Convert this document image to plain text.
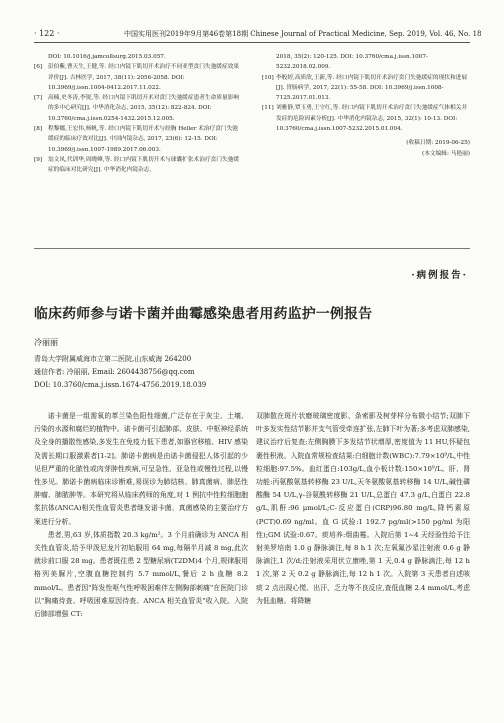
· 122 ·	中国实用医刊2019年9月第46卷第18期 Chinese Journal of Practical Medicine, Sep. 2019, Vol. 46, No. 18
DOI: 10.1016/j.jamcollsurg.2015.03.057.
[6]	彭伯紫,曹天生,王健,等. 经口内镜下肌切开术治疗不同亚型贲门失弛缓症效果评价[J]. 吉林医学, 2017, 38(11): 2056-2058. DOI: 10.3969/j.issn.1004-0412.2017.11.022.
[7]	高楠,史冬涛,李锐,等. 经口内镜下肌切开术对贲门失弛缓症患者生命质量影响的多中心研究[J]. 中华消化杂志, 2015, 35(12): 822-824. DOI: 10.3760/cma.j.issn.0254-1432.2015.12.005.
[8]	程黎娜,王宏伟,杨帆,等. 经口内镜下肌切开术与经胸 Heller 术治疗贲门失弛缓症的临床疗效对比[J]. 中国内镜杂志, 2017, 23(6): 12-15. DOI: 10.3969/j.issn.1007-1989.2017.06.003.
[9]	翁文凤,代训华,周晓峰,等. 经口内镜下肌切开术与球囊扩张术治疗贲门失弛缓症的临床对比研究[J]. 中华消化内镜杂志,
2018, 35(2): 120-125. DOI: 10.3760/cma.j.issn.1007-5232.2018.02.009.
[10] 李般婷,高质欣,王新,等. 经口内镜下肌切开术治疗贲门失弛缓症的现状和进展[J]. 胃肠病学, 2017, 22(1): 55-58. DOI: 10.3969/j.issn.1008-7125.2017.01.013.
[11] 刘雅静,覃玉勇,王守红,等. 经口内镜下肌切开术治疗贲门失弛缓症气体相关并发症的危险因素分析[J]. 中华消化内镜杂志, 2015, 32(1): 10-13. DOI: 10.3760/cma.j.issn.1007-5232.2015.01.004.
(收稿日期: 2019-06-25)
(本文编辑: 马艳丽)
·病例报告·
临床药师参与诺卡菌并曲霉感染患者用药监护一例报告
冷丽丽
青岛大学附属威海市立第二医院,山东威海 264200
通信作者: 冷丽丽, Email: 2604438756@qq.com
DOI: 10.3760/cma.j.issn.1674-4756.2019.18.039

诺卡菌是一组需氧的革兰染色阳性细菌,广泛存在于灰尘、土壤、污染的水源和腐烂的植物中。诺卡菌可引起肺部、皮肤、中枢神经系统及全身的播散性感染,多发生在免疫力低下患者,如器官移植、HIV 感染及需长期口服激素者[1-2]。肺诺卡菌病是由诺卡菌侵犯人体引起的少见但严重的化脓性或肉芽肿性疾病,可呈急性、亚急性或慢性过程,以慢性多见。肺诺卡菌病临床诊断难,易误诊为肺结核、肺真菌病、肺恶性肿瘤、肺脓肿等。本研究将从临床药师的角度,对 1 例抗中性粒细胞胞浆抗体(ANCA)相关性血管炎患者继发诺卡菌、真菌感染的主要治疗方案进行分析。

患者,男,63 岁,体质指数 20.3 kg/m²。3 个月前确诊为 ANCA 相关性血管炎,给予甲泼尼龙片初始服用 64 mg,每隔半月减 8 mg,此次就诊前口服 28 mg。患者既往患 2 型糖尿病(T2DM)4 个月,规律服用格列美脲片,空腹血糖控制约 5.7 mmol/L,餐后 2 h 血糖 8.2 mmol/L。患者因"阵发性呕气性呼吸困难伴左侧胸部刺痛"在医院门诊以"胸痛待查、呼吸困难原因待查、ANCA 相关血管炎"收入院。入院后肺部增强 CT:

双肺散在斑片状磨玻璃密度影、条索影及树芽样分布微小结节;双肺下叶多发实性结节影并支气管受牵连扩张,左肺下叶为著;多考虑双肺感染,建议治疗后复查;左侧胸膜下多发结节状增厚,密度值为 11 HU,怀疑包裹性积液。入院血常规检查结果:白细胞计数(WBC):7.79×10⁹/L,中性粒细胞:97.5%。血红蛋白:103g/L,血小板计数:150×10⁹/L。肝、肾功能:丙氨酸氨基转移酶 23 U/L,天冬氨酸氨基转移酶 14 U/L,碱性磷酸酶 54 U/L,γ-谷氨酰转移酶 21 U/L,总蛋白 47.3 g/L,白蛋白 22.8 g/L,肌酐:96 μmol/L;C-反应蛋白(CRP)96.80 mg/L,降钙素原(PCT)0.69 ng/ml。血 G 试验:1 192.7 pg/ml(>150 pg/ml 为阳性);GM 试验:0.67。痰培养:烟曲霉。入院后第 1~4 天经验性给予注射美罗培南 1.0 g 静脉滴注,每 8 h 1 次;左氧氟沙星注射液 0.6 g 静脉滴注,1 次/d;注射液采用伏立康唑,第 1 天,0.4 g 静脉滴注,每 12 h 1 次,第 2 天 0.2 g 静脉滴注,每 12 h 1 次。入院第 3 天患者自述咳痰 2 点出现心慌、出汗、乏力等不良反应,查低血糖 2.4 mmol/L,考虑为低血糖。将降糖
